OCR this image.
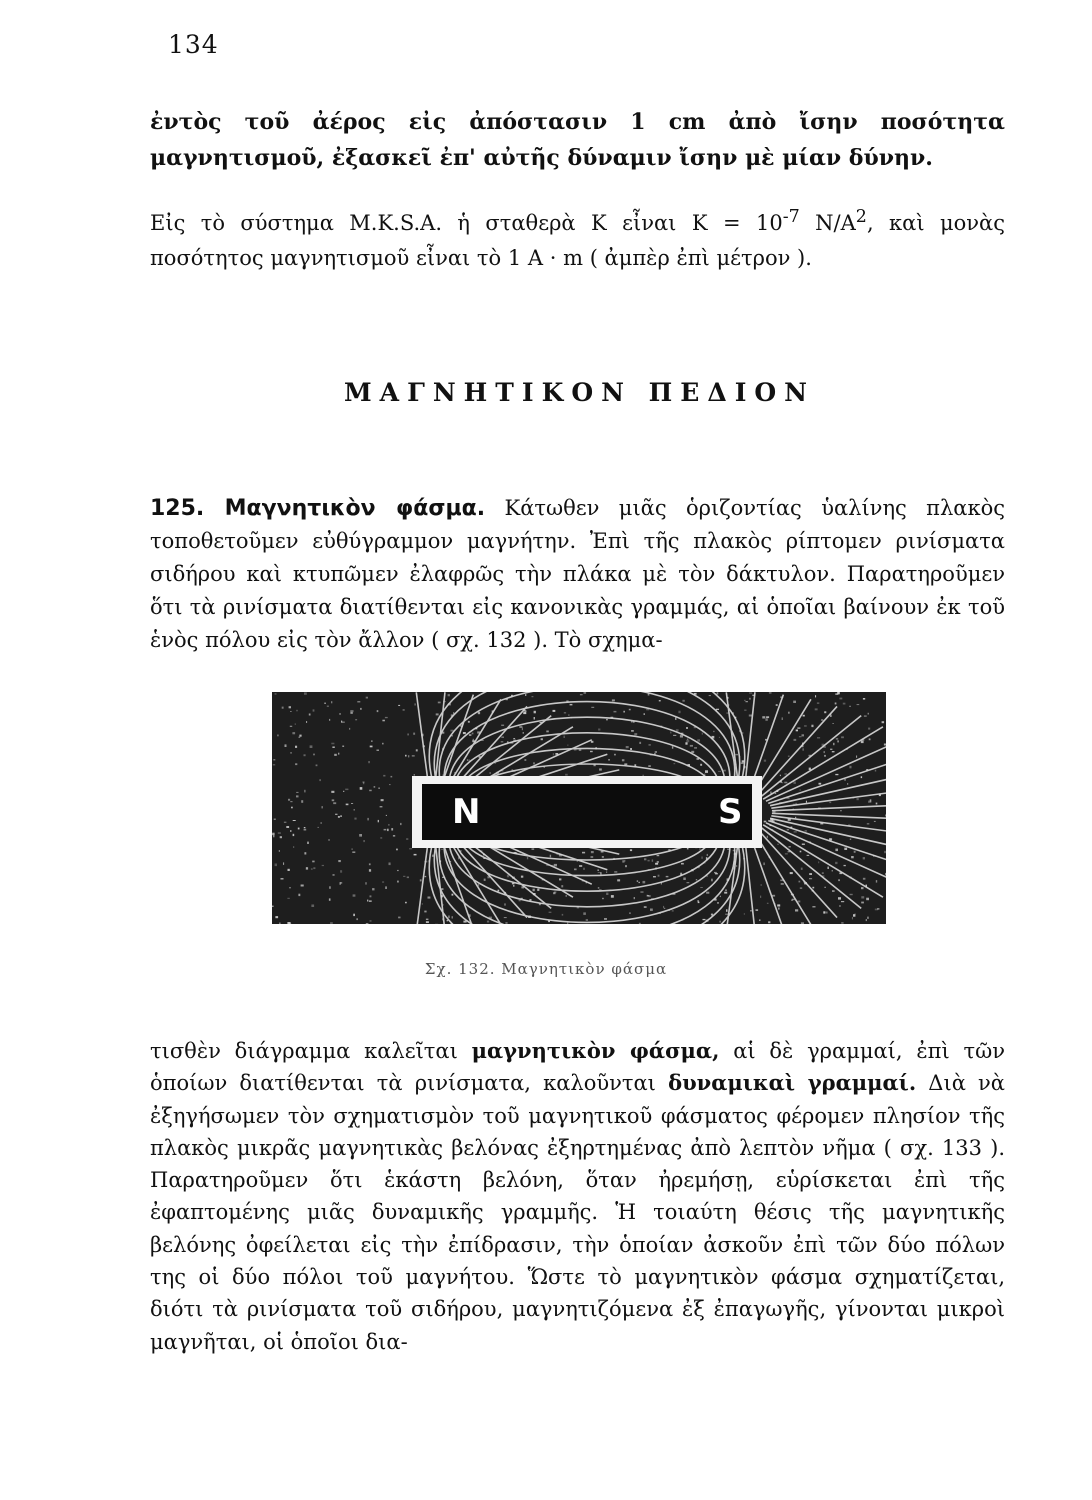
134
ἐντὸς τοῦ ἀέρος εἰς ἀπόστασιν 1 cm ἀπὸ ἴσην ποσότητα μαγνητισμοῦ, ἐξασκεῖ ἐπ' αὐτῆς δύναμιν ἴσην μὲ μίαν δύνην.
Εἰς τὸ σύστημα M.K.S.A. ἡ σταθερὰ K εἶναι $K = 10^{-7}$ $N/A^2$, καὶ μονὰς ποσότητος μαγνητισμοῦ εἶναι τὸ 1 A · m ( ἀμπὲρ ἐπὶ μέτρον ).
ΜΑΓΝΗΤΙΚΟΝ ΠΕΔΙΟΝ
125. Μαγνητικὸν φάσμα. Κάτωθεν μιᾶς ὁριζοντίας ὑαλίνης πλακὸς τοποθετοῦμεν εὐθύγραμμον μαγνήτην. Ἐπὶ τῆς πλακὸς ρίπτομεν ρινίσματα σιδήρου καὶ κτυπῶμεν ἐλαφρῶς τὴν πλάκα μὲ τὸν δάκτυλον. Παρατηροῦμεν ὅτι τὰ ρινίσματα διατίθενται εἰς κανονικὰς γραμμάς, αἱ ὁποῖαι βαίνουν ἐκ τοῦ ἑνὸς πόλου εἰς τὸν ἄλλον ( σχ. 132 ). Τὸ σχημα-
N	S
Σχ. 132. Μαγνητικὸν φάσμα
τισθὲν διάγραμμα καλεῖται μαγνητικὸν φάσμα, αἱ δὲ γραμμαί, ἐπὶ τῶν ὁποίων διατίθενται τὰ ρινίσματα, καλοῦνται δυναμικαὶ γραμμαί. Διὰ νὰ ἐξηγήσωμεν τὸν σχηματισμὸν τοῦ μαγνητικοῦ φάσματος φέρομεν πλησίον τῆς πλακὸς μικρᾶς μαγνητικὰς βελόνας ἐξηρτημένας ἀπὸ λεπτὸν νῆμα ( σχ. 133 ). Παρατηροῦμεν ὅτι ἑκάστη βελόνη, ὅταν ἠρεμήσῃ, εὑρίσκεται ἐπὶ τῆς ἐφαπτομένης μιᾶς δυναμικῆς γραμμῆς. Ἡ τοιαύτη θέσις τῆς μαγνητικῆς βελόνης ὀφείλεται εἰς τὴν ἐπίδρασιν, τὴν ὁποίαν ἀσκοῦν ἐπὶ τῶν δύο πόλων της οἱ δύο πόλοι τοῦ μαγνήτου. Ὥστε τὸ μαγνητικὸν φάσμα σχηματίζεται, διότι τὰ ρινίσματα τοῦ σιδήρου, μαγνητιζόμενα ἐξ ἐπαγωγῆς, γίνονται μικροὶ μαγνῆται, οἱ ὁποῖοι δια-
